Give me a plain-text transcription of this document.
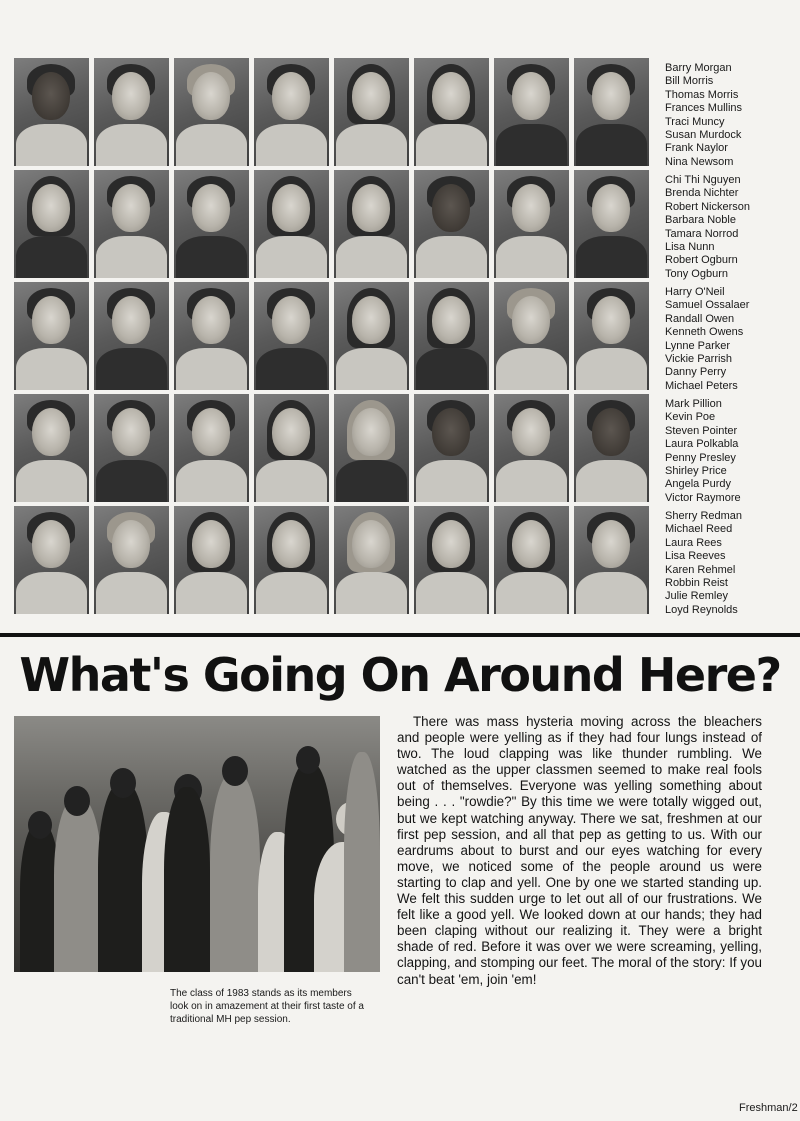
Barry Morgan
Bill Morris
Thomas Morris
Frances Mullins
Traci Muncy
Susan Murdock
Frank Naylor
Nina Newsom
Chi Thi Nguyen
Brenda Nichter
Robert Nickerson
Barbara Noble
Tamara Norrod
Lisa Nunn
Robert Ogburn
Tony Ogburn
Harry O'Neil
Samuel Ossalaer
Randall Owen
Kenneth Owens
Lynne Parker
Vickie Parrish
Danny Perry
Michael Peters
Mark Pillion
Kevin Poe
Steven Pointer
Laura Polkabla
Penny Presley
Shirley Price
Angela Purdy
Victor Raymore
Sherry Redman
Michael Reed
Laura Rees
Lisa Reeves
Karen Rehmel
Robbin Reist
Julie Remley
Loyd Reynolds
What's Going On Around Here?

The class of 1983 stands as its members look on in amazement at their first taste of a traditional MH pep session.

There was mass hysteria moving across the bleachers and people were yelling as if they had four lungs instead of two. The loud clapping was like thunder rumbling. We watched as the upper classmen seemed to make real fools out of themselves. Everyone was yelling something about being . . . "rowdie?" By this time we were totally wigged out, but we kept watching anyway. There we sat, freshmen at our first pep session, and all that pep as getting to us. With our eardrums about to burst and our eyes watching for every move, we noticed some of the people around us were starting to clap and yell. One by one we started standing up. We felt this sudden urge to let out all of our frustrations. We felt like a good yell. We looked down at our hands; they had been claping without our realizing it. They were a bright shade of red. Before it was over we were screaming, yelling, clapping, and stomping our feet. The moral of the story: If you can't beat 'em, join 'em!

Freshman/2
